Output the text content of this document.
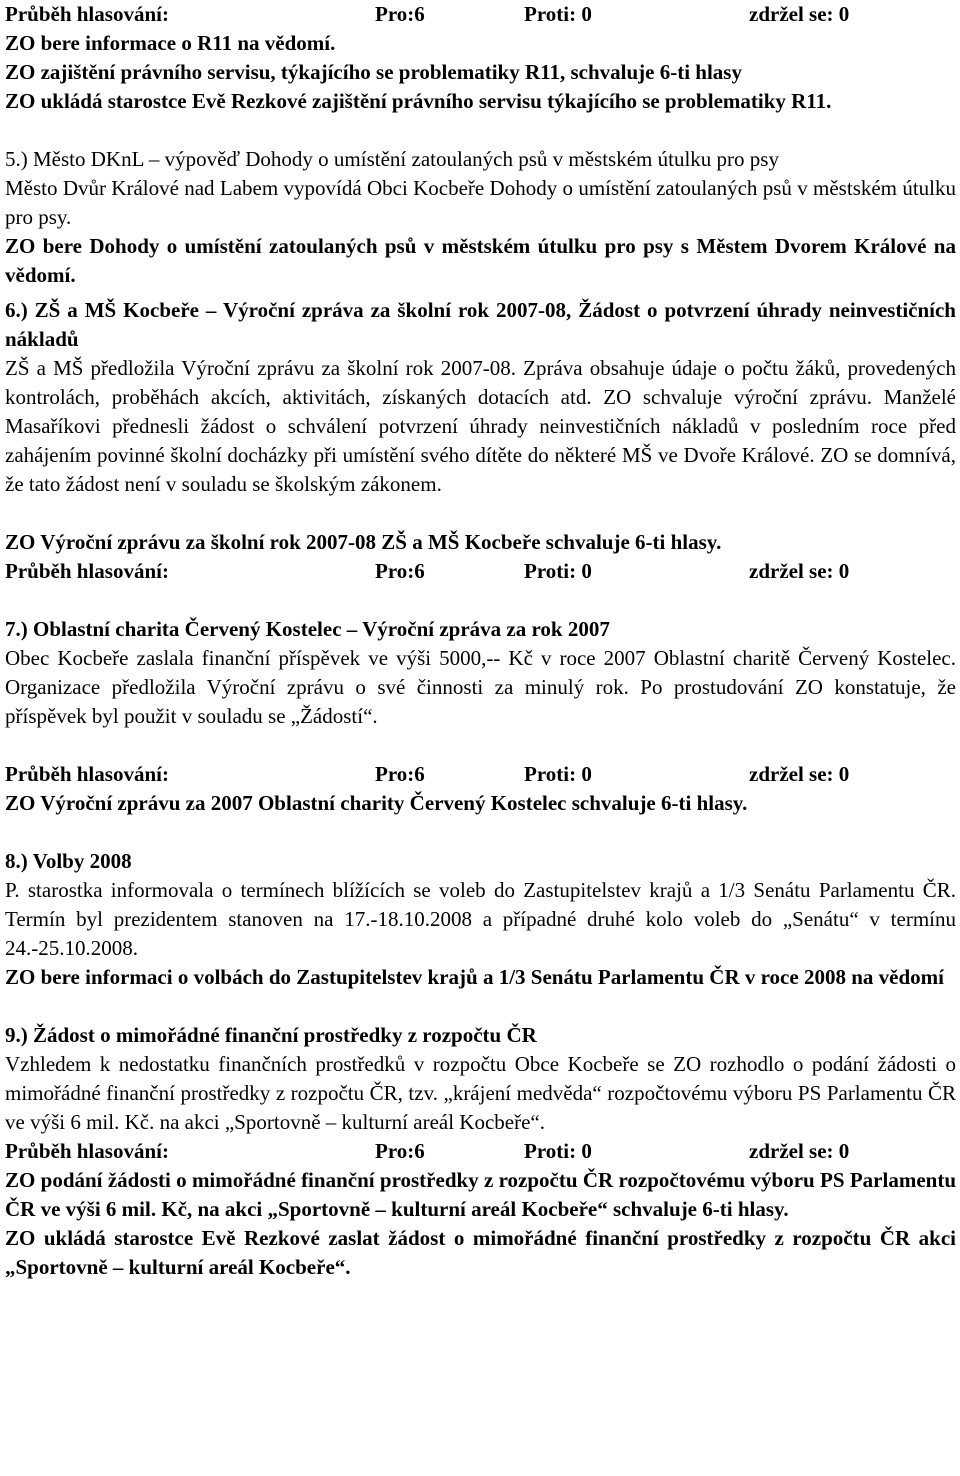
Průběh hlasování:	Pro:6	Proti: 0	zdržel se: 0

ZO bere informace o R11 na vědomí.

ZO zajištění právního servisu, týkajícího se problematiky R11, schvaluje 6-ti hlasy

ZO ukládá starostce Evě Rezkové zajištění právního servisu týkajícího se problematiky R11.

5.) Město DKnL – výpověď Dohody o umístění zatoulaných psů v městském útulku pro psy

Město Dvůr Králové nad Labem vypovídá Obci Kocbeře Dohody o umístění zatoulaných psů v městském útulku pro psy.

ZO bere Dohody o umístění zatoulaných psů v městském útulku pro psy s Městem Dvorem Králové na vědomí.

6.) ZŠ a MŠ Kocbeře – Výroční zpráva za školní rok 2007-08, Žádost o potvrzení úhrady neinvestičních nákladů

ZŠ a MŠ předložila Výroční zprávu za školní rok 2007-08. Zpráva obsahuje údaje o počtu žáků, provedených kontrolách, proběhách akcích, aktivitách, získaných dotacích atd. ZO schvaluje výroční zprávu. Manželé Masaříkovi přednesli žádost o schválení potvrzení úhrady neinvestičních nákladů v posledním roce před zahájením povinné školní docházky při umístění svého dítěte do některé MŠ ve Dvoře Králové. ZO se domnívá, že tato žádost není v souladu se školským zákonem.

ZO Výroční zprávu za školní rok 2007-08 ZŠ a MŠ Kocbeře schvaluje 6-ti hlasy.

Průběh hlasování:	Pro:6	Proti: 0	zdržel se: 0

7.) Oblastní charita Červený Kostelec – Výroční zpráva za rok 2007

Obec Kocbeře zaslala finanční příspěvek ve výši 5000,-- Kč v roce 2007 Oblastní charitě Červený Kostelec. Organizace předložila Výroční zprávu o své činnosti za minulý rok. Po prostudování ZO konstatuje, že příspěvek byl použit v souladu se „Žádostí“.

Průběh hlasování:	Pro:6	Proti: 0	zdržel se: 0

ZO Výroční zprávu za 2007 Oblastní charity Červený Kostelec schvaluje 6-ti hlasy.

8.) Volby 2008

P. starostka informovala o termínech blížících se voleb do Zastupitelstev krajů a 1/3 Senátu Parlamentu ČR. Termín byl prezidentem stanoven na 17.-18.10.2008 a případné druhé kolo voleb do „Senátu“ v termínu 24.-25.10.2008.

ZO bere informaci o volbách do Zastupitelstev krajů a 1/3 Senátu Parlamentu ČR v roce 2008 na vědomí

9.) Žádost o mimořádné finanční prostředky z rozpočtu ČR

Vzhledem k nedostatku finančních prostředků v rozpočtu Obce Kocbeře se ZO rozhodlo o podání žádosti o mimořádné finanční prostředky z rozpočtu ČR, tzv. „krájení medvěda“ rozpočtovému výboru PS Parlamentu ČR ve výši 6 mil. Kč. na akci „Sportovně – kulturní areál Kocbeře“.

Průběh hlasování:	Pro:6	Proti: 0	zdržel se: 0

ZO podání žádosti o mimořádné finanční prostředky z rozpočtu ČR rozpočtovému výboru PS Parlamentu ČR ve výši 6 mil. Kč, na akci „Sportovně – kulturní areál Kocbeře“ schvaluje 6-ti hlasy.

ZO ukládá starostce Evě Rezkové zaslat žádost o mimořádné finanční prostředky z rozpočtu ČR akci „Sportovně – kulturní areál Kocbeře“.
